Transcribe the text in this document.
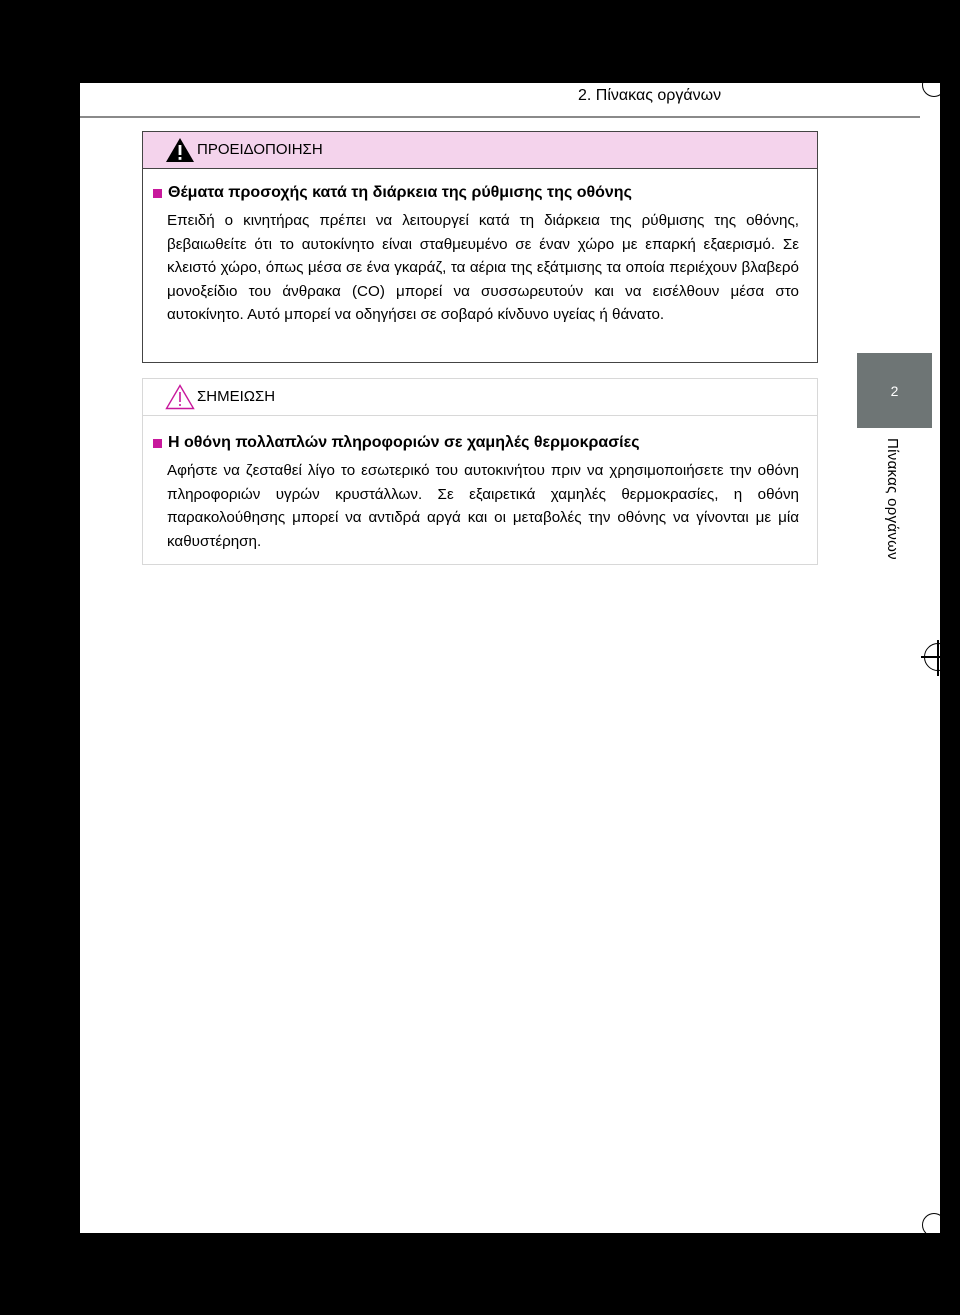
2. Πίνακας οργάνων
2
Πίνακας οργάνων
ΠΡΟΕΙΔΟΠΟΙΗΣΗ
Θέματα προσοχής κατά τη διάρκεια της ρύθμισης της οθόνης
Επειδή ο κινητήρας πρέπει να λειτουργεί κατά τη διάρκεια της ρύθμισης της οθόνης, βεβαιωθείτε ότι το αυτοκίνητο είναι σταθμευμένο σε έναν χώρο με επαρκή εξαερισμό. Σε κλειστό χώρο, όπως μέσα σε ένα γκαράζ, τα αέρια της εξάτμισης τα οποία περιέχουν βλαβερό μονοξείδιο του άνθρακα (CO) μπορεί να συσσωρευτούν και να εισέλθουν μέσα στο αυτοκίνητο. Αυτό μπορεί να οδηγήσει σε σοβαρό κίνδυνο υγείας ή θάνατο.
ΣΗΜΕΙΩΣΗ
Η οθόνη πολλαπλών πληροφοριών σε χαμηλές θερμοκρασίες
Αφήστε να ζεσταθεί λίγο το εσωτερικό του αυτοκινήτου πριν να χρησιμοποιήσετε την οθόνη πληροφοριών υγρών κρυστάλλων. Σε εξαιρετικά χαμηλές θερμοκρασίες, η οθόνη παρακολούθησης μπορεί να αντιδρά αργά και οι μεταβολές την οθόνης να γίνονται με μία καθυστέρηση.
